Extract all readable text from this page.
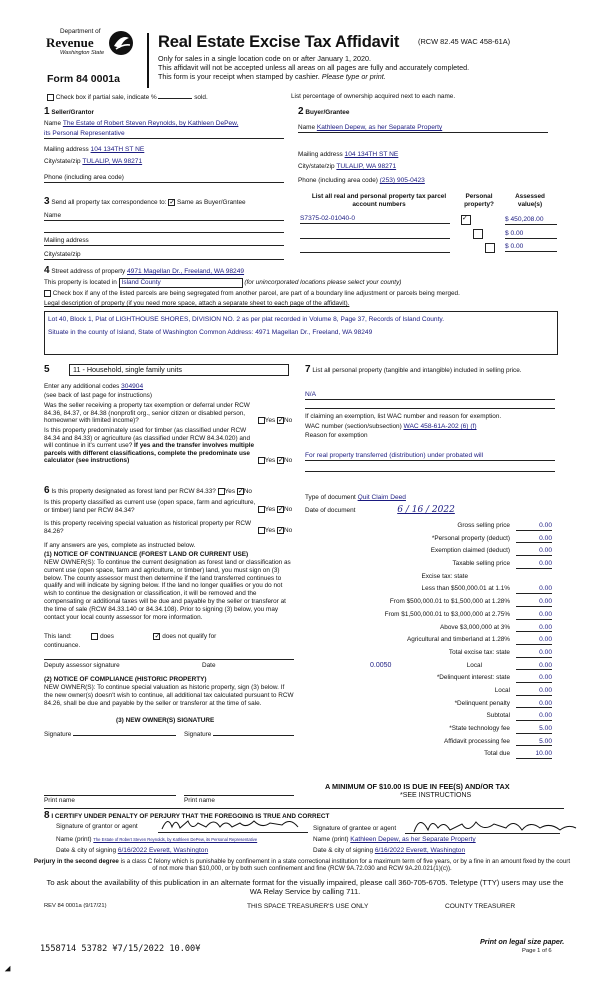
Department of
Revenue
Washington State
Form 84 0001a
Real Estate Excise Tax Affidavit	(RCW 82.45 WAC 458-61A)
Only for sales in a single location code on or after January 1, 2020.
This affidavit will not be accepted unless all areas on all pages are fully and accurately completed.
This form is your receipt when stamped by cashier. Please type or print.
Check box if partial sale, indicate %	sold.	List percentage of ownership acquired next to each name.
1 Seller/Grantor
Name The Estate of Robert Steven Reynolds, by Kathleen DePew,
its Personal Representative
Mailing address 104 134TH ST NE
City/state/zip TULALIP, WA 98271
Phone (including area code)
2 Buyer/Grantee
Name Kathleen Depew, as her Separate Property
Mailing address 104 134TH ST NE
City/state/zip TULALIP, WA 98271
Phone (including area code) (253) 905-0423
3 Send all property tax correspondence to: ✓ Same as Buyer/Grantee
Name
Mailing address
City/state/zip
List all real and personal property tax parcel account numbers
Personal property?
Assessed value(s)
S7375-02-01040-0 ✓	$ 450,208.00
$ 0.00
$ 0.00
4 Street address of property 4971 Magellan Dr., Freeland, WA 98249
This property is located in Island County	(for unincorporated locations please select your county)
Check box if any of the listed parcels are being segregated from another parcel, are part of a boundary line adjustment or parcels being merged.
Legal description of property (if you need more space, attach a separate sheet to each page of the affidavit).
Lot 40, Block 1, Plat of LIGHTHOUSE SHORES, DIVISION NO. 2 as per plat recorded in Volume 8, Page 37, Records of Island County.
Situate in the county of Island, State of Washington Common Address: 4971 Magellan Dr., Freeland, WA 98249
5	11 - Household, single family units
Enter any additional codes 304904
(see back of last page for instructions)
Was the seller receiving a property tax exemption or deferral under RCW 84.36, 84.37, or 84.38 (nonprofit org., senior citizen or disabled person, homeowner with limited income)?	Yes ✓ No
Is this property predominately used for timber (as classified under RCW 84.34 and 84.33) or agriculture (as classified under RCW 84.34.020) and will continue in it's current use? If yes and the transfer involves multiple parcels with different classifications, complete the predominate use calculator (see instructions)	Yes ✓ No
6 Is this property designated as forest land per RCW 84.33? Yes ✓ No
Is this property classified as current use (open space, farm and agriculture, or timber) land per RCW 84.34?	Yes ✓ No
Is this property receiving special valuation as historical property per RCW 84.26?	Yes ✓ No
If any answers are yes, complete as instructed below.
(1) NOTICE OF CONTINUANCE (FOREST LAND OR CURRENT USE)
NEW OWNER(S): To continue the current designation as forest land or classification as current use (open space, farm and agriculture, or timber) land, you must sign on (3) below. The county assessor must then determine if the land transferred continues to qualify and will indicate by signing below. If the land no longer qualifies or you do not wish to continue the designation or classification, it will be removed and the compensating or additional taxes will be due and payable by the seller or transferor at the time of sale (RCW 84.33.140 or 84.34.108). Prior to signing (3) below, you may contact your local county assessor for more information.
This land:	does ✓	does not qualify for
continuance.
Deputy assessor signature	Date
(2) NOTICE OF COMPLIANCE (HISTORIC PROPERTY)
NEW OWNER(S): To continue special valuation as historic property, sign (3) below. If the new owner(s) doesn't wish to continue, all additional tax calculated pursuant to RCW 84.26, shall be due and payable by the seller or transferor at the time of sale.
(3) NEW OWNER(S) SIGNATURE
Signature	Signature
Print name	Print name
7 List all personal property (tangible and intangible) included in selling price.
N/A
If claiming an exemption, list WAC number and reason for exemption.
WAC number (section/subsection) WAC 458-61A-202 (6) (f)
Reason for exemption
For real property transferred (distribution) under probated will
Type of document Quit Claim Deed
Date of document	6 / 16 / 2022
Gross selling price	0.00
*Personal property (deduct)	0.00
Exemption claimed (deduct)	0.00
Taxable selling price	0.00
Excise tax: state
Less than $500,000.01 at 1.1%	0.00
From $500,000.01 to $1,500,000 at 1.28%	0.00
From $1,500,000.01 to $3,000,000 at 2.75%	0.00
Above $3,000,000 at 3%	0.00
Agricultural and timberland at 1.28%	0.00
Total excise tax: state	0.00
0.0050	Local	0.00
*Delinquent interest: state	0.00
Local	0.00
*Delinquent penalty	0.00
Subtotal	0.00
*State technology fee	5.00
Affidavit processing fee	5.00
Total due	10.00
A MINIMUM OF $10.00 IS DUE IN FEE(S) AND/OR TAX
*SEE INSTRUCTIONS
8 I CERTIFY UNDER PENALTY OF PERJURY THAT THE FOREGOING IS TRUE AND CORRECT
Signature of grantor or agent
Name (print) The Estate of Robert Steven Reynolds, by Kathleen DePew, its Personal Representative
Date & city of signing 6/16/2022 Everett, Washington
Signature of grantee or agent
Name (print) Kathleen Depew, as her Separate Property
Date & city of signing 6/16/2022 Everett, Washington
Perjury in the second degree is a class C felony which is punishable by confinement in a state correctional institution for a maximum term of five years, or by a fine in an amount fixed by the court of not more than $10,000, or by both such confinement and fine (RCW 9A.72.030 and RCW 9A.20.021(1)(c)).
To ask about the availability of this publication in an alternate format for the visually impaired, please call 360-705-6705. Teletype (TTY) users may use the WA Relay Service by calling 711.
REV 84 0001a (9/17/21)	THIS SPACE TREASURER'S USE ONLY	COUNTY TREASURER
1558714 53782 ¥7/15/2022 10.00¥
Print on legal size paper.
Page 1 of 6
